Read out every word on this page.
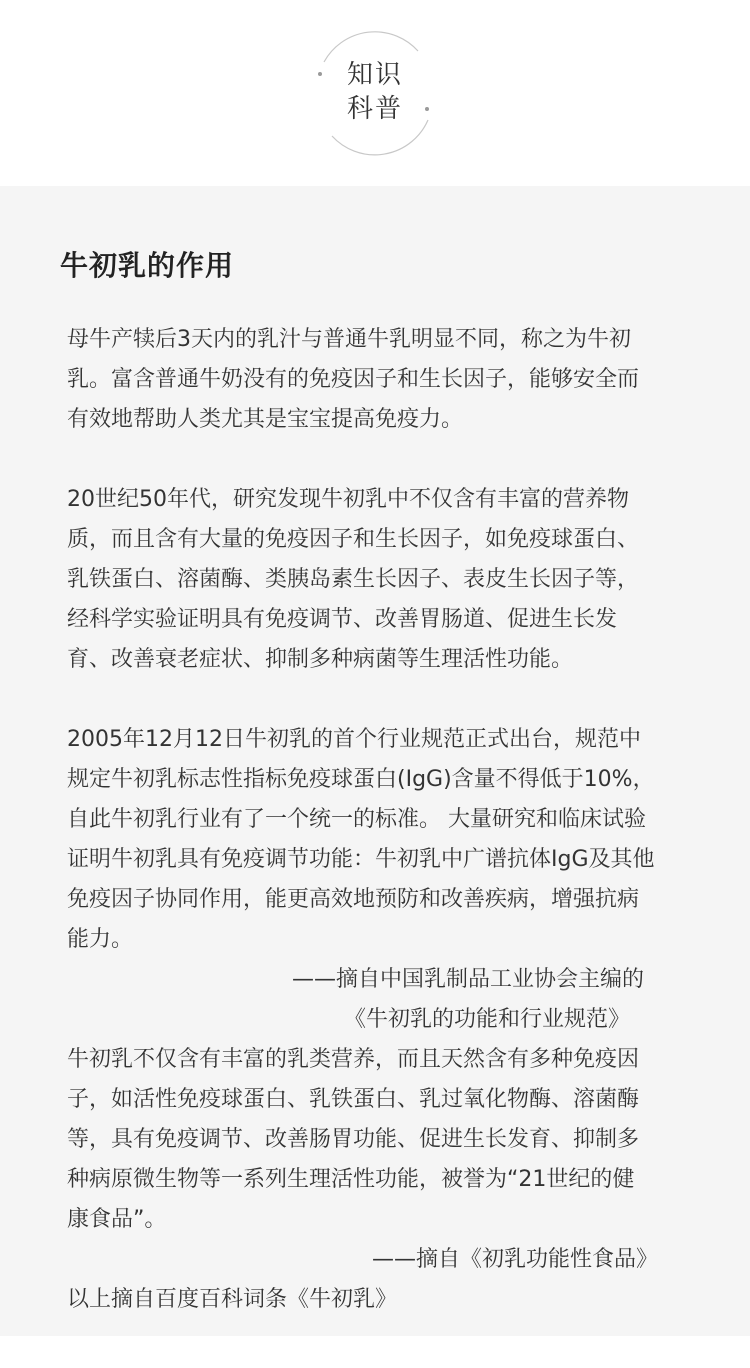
知识
科普
牛初乳的作用
母牛产犊后3天内的乳汁与普通牛乳明显不同，称之为牛初
乳。富含普通牛奶没有的免疫因子和生长因子，能够安全而
有效地帮助人类尤其是宝宝提高免疫力。
20世纪50年代，研究发现牛初乳中不仅含有丰富的营养物
质，而且含有大量的免疫因子和生长因子，如免疫球蛋白、
乳铁蛋白、溶菌酶、类胰岛素生长因子、表皮生长因子等，
经科学实验证明具有免疫调节、改善胃肠道、促进生长发
育、改善衰老症状、抑制多种病菌等生理活性功能。
2005年12月12日牛初乳的首个行业规范正式出台，规范中
规定牛初乳标志性指标免疫球蛋白(IgG)含量不得低于10%，
自此牛初乳行业有了一个统一的标准。 大量研究和临床试验
证明牛初乳具有免疫调节功能：牛初乳中广谱抗体IgG及其他
免疫因子协同作用，能更高效地预防和改善疾病，增强抗病
能力。
——摘自中国乳制品工业协会主编的
《牛初乳的功能和行业规范》
牛初乳不仅含有丰富的乳类营养，而且天然含有多种免疫因
子，如活性免疫球蛋白、乳铁蛋白、乳过氧化物酶、溶菌酶
等，具有免疫调节、改善肠胃功能、促进生长发育、抑制多
种病原微生物等一系列生理活性功能，被誉为“21世纪的健
康食品”。
——摘自《初乳功能性食品》
以上摘自百度百科词条《牛初乳》
